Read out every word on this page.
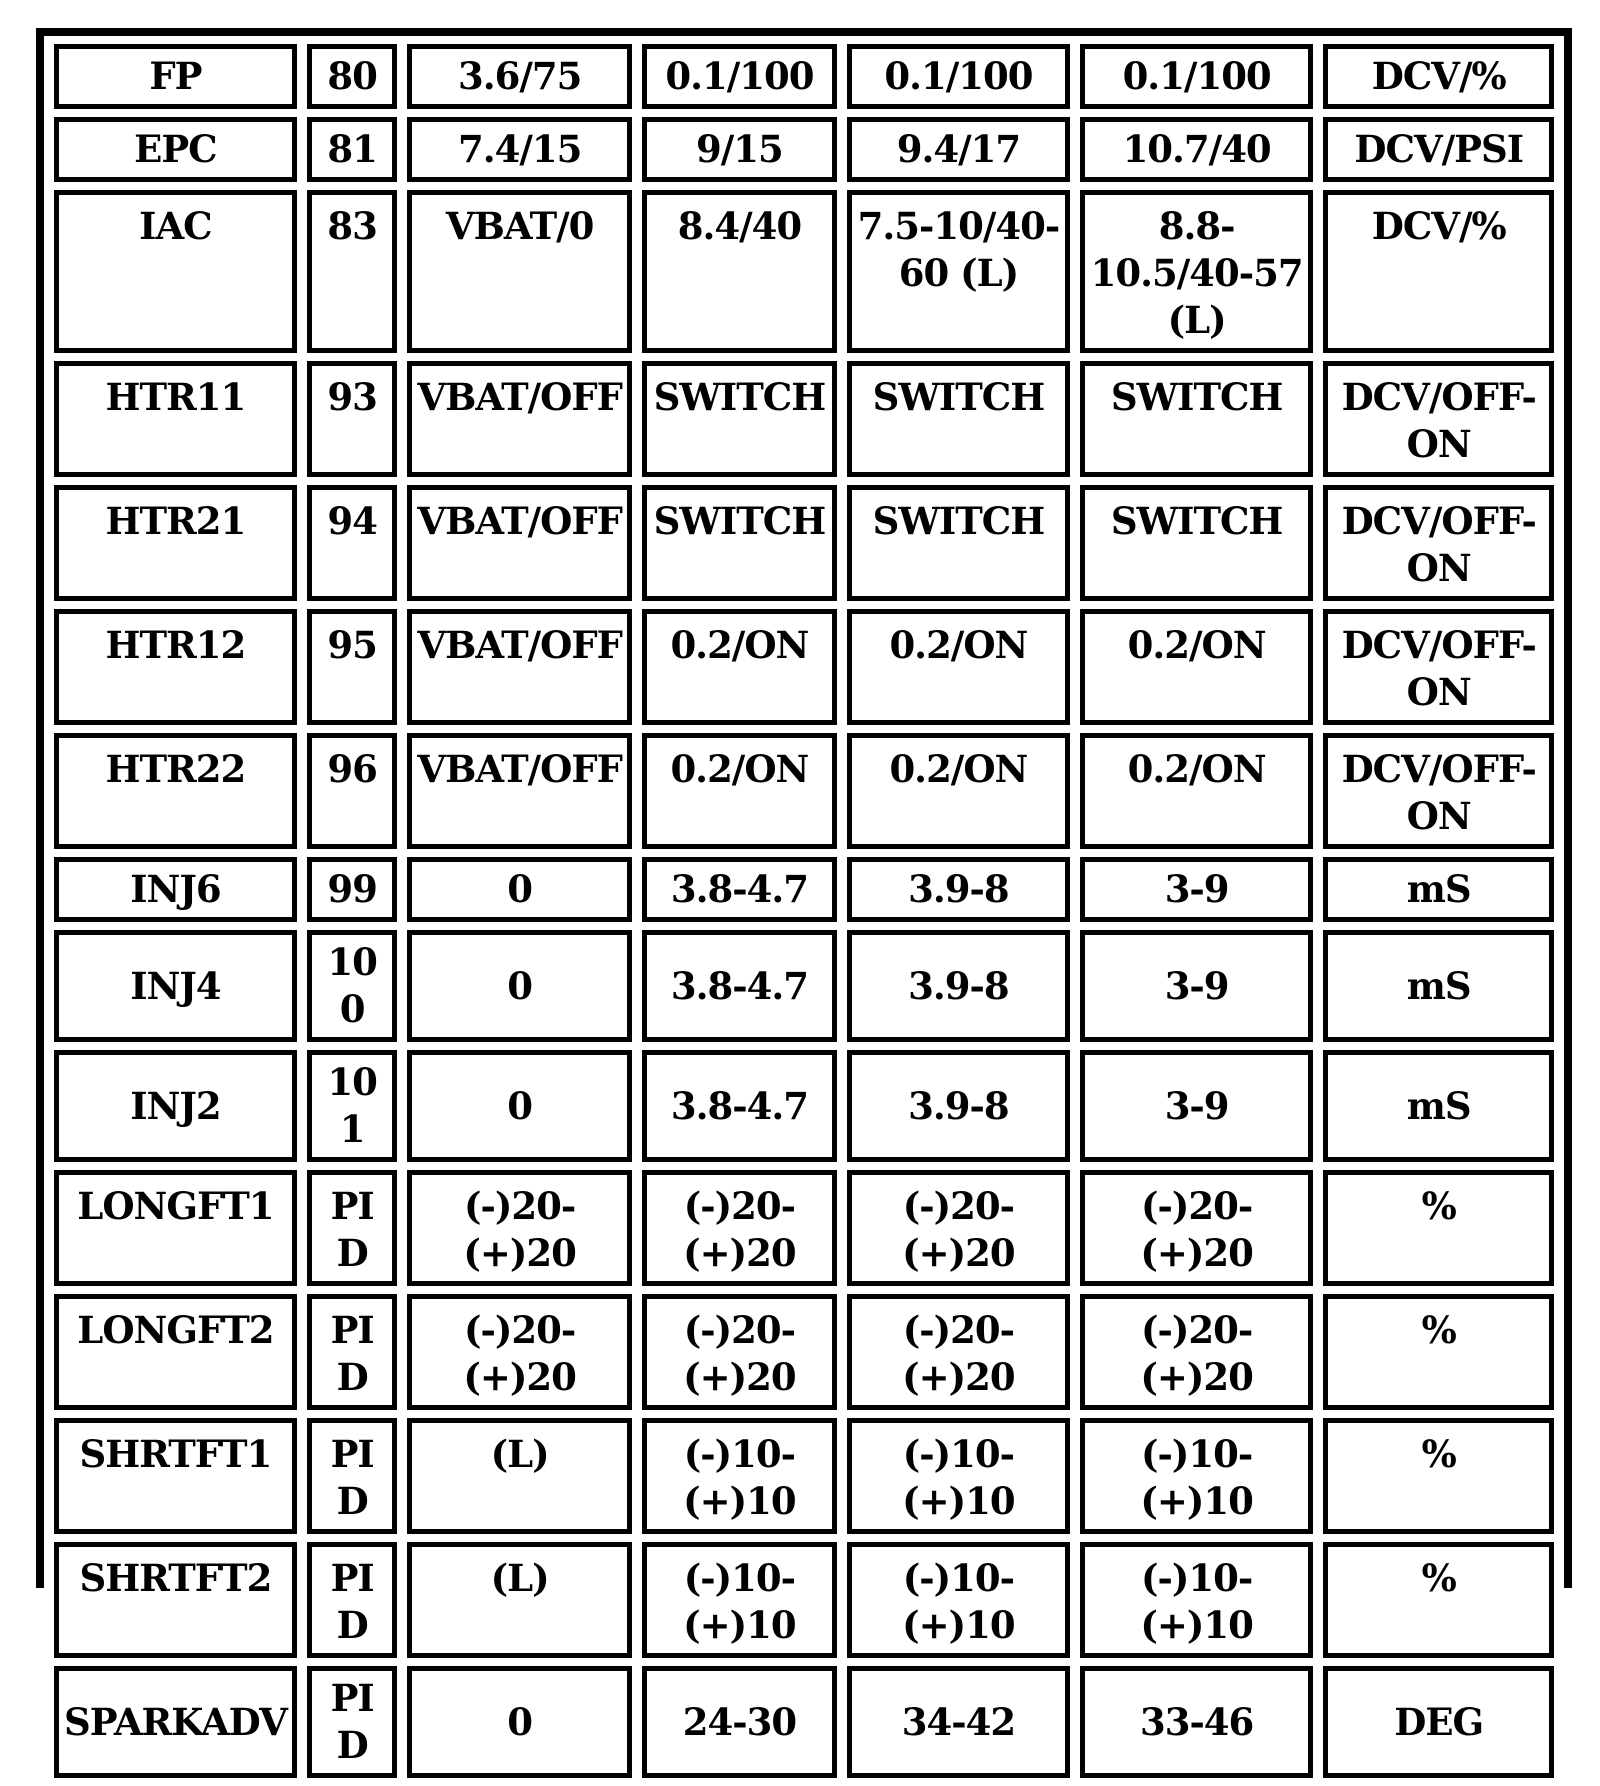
FP	80	3.6/75	0.1/100	0.1/100	0.1/100	DCV/%
EPC	81	7.4/15	9/15	9.4/17	10.7/40	DCV/PSI
IAC	83	VBAT/0	8.4/40	7.5-10/40-60 (L)	8.8-10.5/40-57 (L)	DCV/%
HTR11	93	VBAT/OFF	SWITCH	SWITCH	SWITCH	DCV/OFF-ON
HTR21	94	VBAT/OFF	SWITCH	SWITCH	SWITCH	DCV/OFF-ON
HTR12	95	VBAT/OFF	0.2/ON	0.2/ON	0.2/ON	DCV/OFF-ON
HTR22	96	VBAT/OFF	0.2/ON	0.2/ON	0.2/ON	DCV/OFF-ON
INJ6	99	0	3.8-4.7	3.9-8	3-9	mS
INJ4	100	0	3.8-4.7	3.9-8	3-9	mS
INJ2	101	0	3.8-4.7	3.9-8	3-9	mS
LONGFT1	PID	(-)20-(+)20	(-)20-(+)20	(-)20-(+)20	(-)20-(+)20	%
LONGFT2	PID	(-)20-(+)20	(-)20-(+)20	(-)20-(+)20	(-)20-(+)20	%
SHRTFT1	PID	(L)	(-)10-(+)10	(-)10-(+)10	(-)10-(+)10	%
SHRTFT2	PID	(L)	(-)10-(+)10	(-)10-(+)10	(-)10-(+)10	%
SPARKADV	PID	0	24-30	34-42	33-46	DEG
